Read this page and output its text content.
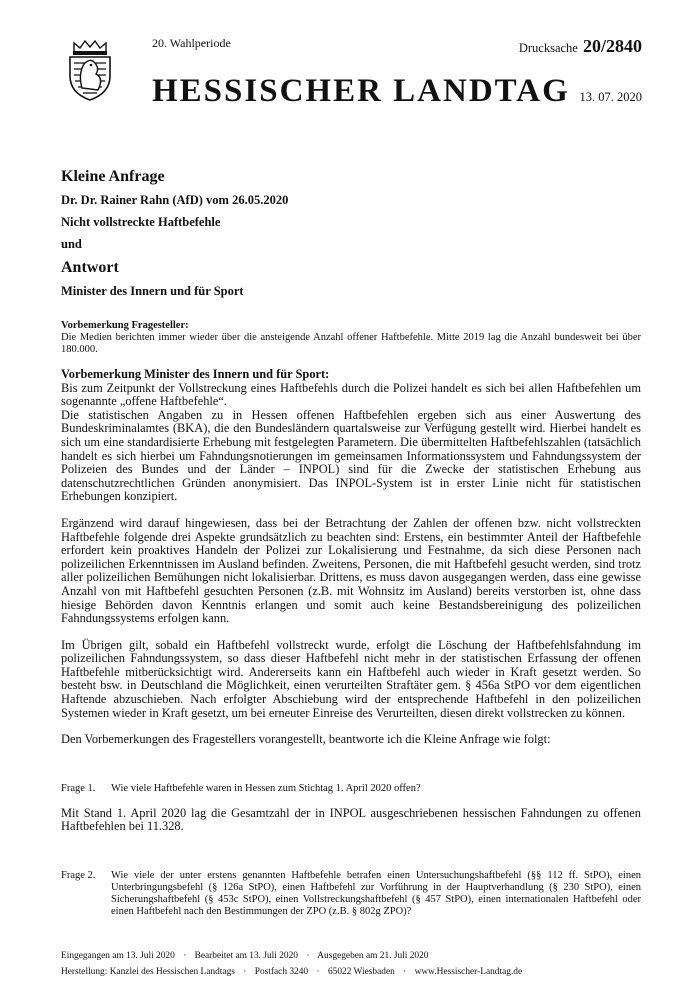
20. Wahlperiode
HESSISCHER LANDTAG
Drucksache 20/2840
13. 07. 2020
Kleine Anfrage
Dr. Dr. Rainer Rahn (AfD) vom 26.05.2020
Nicht vollstreckte Haftbefehle
und
Antwort
Minister des Innern und für Sport
Vorbemerkung Fragesteller:

Die Medien berichten immer wieder über die ansteigende Anzahl offener Haftbefehle. Mitte 2019 lag die Anzahl bundesweit bei über 180.000.

Vorbemerkung Minister des Innern und für Sport:

Bis zum Zeitpunkt der Vollstreckung eines Haftbefehls durch die Polizei handelt es sich bei allen Haftbefehlen um sogenannte „offene Haftbefehle“.

Die statistischen Angaben zu in Hessen offenen Haftbefehlen ergeben sich aus einer Auswertung des Bundeskriminalamtes (BKA), die den Bundesländern quartalsweise zur Verfügung gestellt wird. Hierbei handelt es sich um eine standardisierte Erhebung mit festgelegten Parametern. Die übermittelten Haftbefehlszahlen (tatsächlich handelt es sich hierbei um Fahndungsnotierungen im gemeinsamen Informationssystem und Fahndungssystem der Polizeien des Bundes und der Länder – INPOL) sind für die Zwecke der statistischen Erhebung aus datenschutzrechtlichen Gründen anonymisiert. Das INPOL-System ist in erster Linie nicht für statistischen Erhebungen konzipiert.

Ergänzend wird darauf hingewiesen, dass bei der Betrachtung der Zahlen der offenen bzw. nicht vollstreckten Haftbefehle folgende drei Aspekte grundsätzlich zu beachten sind: Erstens, ein bestimmter Anteil der Haftbefehle erfordert kein proaktives Handeln der Polizei zur Lokalisierung und Festnahme, da sich diese Personen nach polizeilichen Erkenntnissen im Ausland befinden. Zweitens, Personen, die mit Haftbefehl gesucht werden, sind trotz aller polizeilichen Bemühungen nicht lokalisierbar. Drittens, es muss davon ausgegangen werden, dass eine gewisse Anzahl von mit Haftbefehl gesuchten Personen (z.B. mit Wohnsitz im Ausland) bereits verstorben ist, ohne dass hiesige Behörden davon Kenntnis erlangen und somit auch keine Bestandsbereinigung des polizeilichen Fahndungssystems erfolgen kann.

Im Übrigen gilt, sobald ein Haftbefehl vollstreckt wurde, erfolgt die Löschung der Haftbefehlsfahndung im polizeilichen Fahndungssystem, so dass dieser Haftbefehl nicht mehr in der statistischen Erfassung der offenen Haftbefehle mitberücksichtigt wird. Andererseits kann ein Haftbefehl auch wieder in Kraft gesetzt werden. So besteht bsw. in Deutschland die Möglichkeit, einen verurteilten Straftäter gem. § 456a StPO vor dem eigentlichen Haftende abzuschieben. Nach erfolgter Abschiebung wird der entsprechende Haftbefehl in den polizeilichen Systemen wieder in Kraft gesetzt, um bei erneuter Einreise des Verurteilten, diesen direkt vollstrecken zu können.

Den Vorbemerkungen des Fragestellers vorangestellt, beantworte ich die Kleine Anfrage wie folgt:

Frage 1.	Wie viele Haftbefehle waren in Hessen zum Stichtag 1. April 2020 offen?

Mit Stand 1. April 2020 lag die Gesamtzahl der in INPOL ausgeschriebenen hessischen Fahndungen zu offenen Haftbefehlen bei 11.328.

Frage 2.	Wie viele der unter erstens genannten Haftbefehle betrafen einen Untersuchungshaftbefehl (§§ 112 ff. StPO), einen Unterbringungsbefehl (§ 126a StPO), einen Haftbefehl zur Vorführung in der Hauptverhandlung (§ 230 StPO), einen Sicherungshaftbefehl (§ 453c StPO), einen Vollstreckungshaftbefehl (§ 457 StPO), einen internationalen Haftbefehl oder einen Haftbefehl nach den Bestimmungen der ZPO (z.B. § 802g ZPO)?
Eingegangen am 13. Juli 2020 · Bearbeitet am 13. Juli 2020 · Ausgegeben am 21. Juli 2020
Herstellung: Kanzlei des Hessischen Landtags · Postfach 3240 · 65022 Wiesbaden · www.Hessischer-Landtag.de
